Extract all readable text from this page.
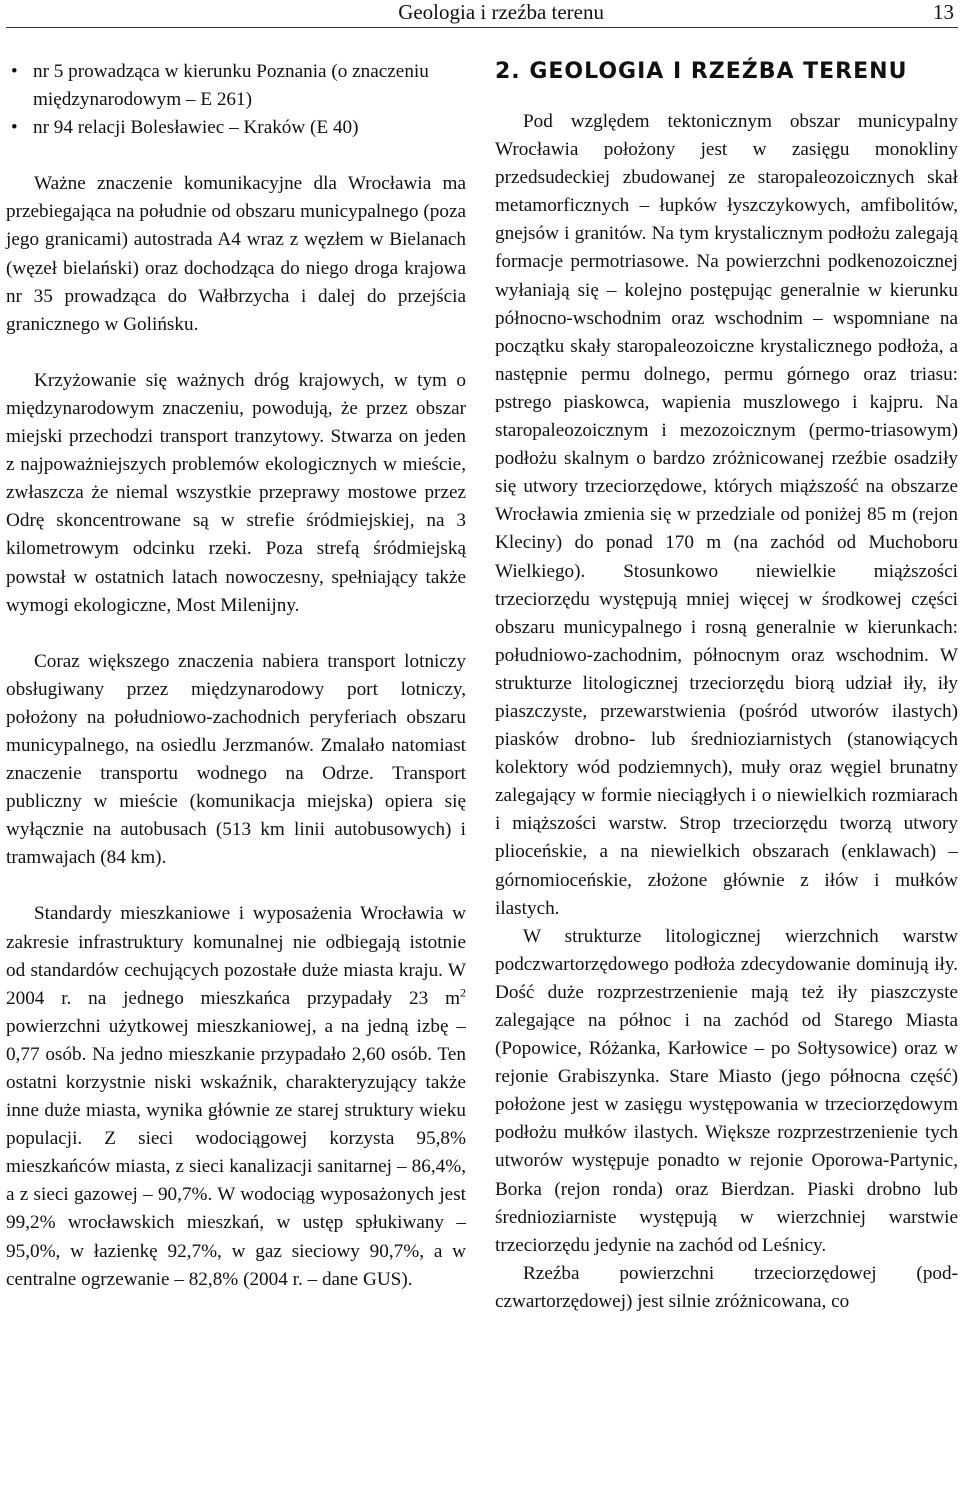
Geologia i rzeźba terenu	13
• nr 5 prowadząca w kierunku Poznania (o znaczeniu międzynarodowym – E 261)
• nr 94 relacji Bolesławiec – Kraków (E 40)

Ważne znaczenie komunikacyjne dla Wrocławia ma przebiegająca na południe od obszaru municypalnego (poza jego granicami) autostrada A4 wraz z węzłem w Bielanach (węzeł bielański) oraz dochodząca do niego droga krajowa nr 35 prowadząca do Wałbrzycha i dalej do przejścia granicznego w Golińsku.

Krzyżowanie się ważnych dróg krajowych, w tym o międzynarodowym znaczeniu, powodują, że przez obszar miejski przechodzi transport tranzytowy. Stwarza on jeden z najpoważniejszych problemów ekologicznych w mieście, zwłaszcza że niemal wszystkie przeprawy mostowe przez Odrę skoncentrowane są w strefie śródmiejskiej, na 3 kilometrowym odcinku rzeki. Poza strefą śródmiejską powstał w ostatnich latach nowoczesny, spełniający także wymogi ekologiczne, Most Milenijny.

Coraz większego znaczenia nabiera transport lotniczy obsługiwany przez międzynarodowy port lotniczy, położony na południowo-zachodnich peryferiach obszaru municypalnego, na osiedlu Jerzmanów. Zmalało natomiast znaczenie transportu wodnego na Odrze. Transport publiczny w mieście (komunikacja miejska) opiera się wyłącznie na autobusach (513 km linii autobusowych) i tramwajach (84 km).

Standardy mieszkaniowe i wyposażenia Wrocławia w zakresie infrastruktury komunalnej nie odbiegają istotnie od standardów cechujących pozostałe duże miasta kraju. W 2004 r. na jednego mieszkańca przypadały 23 $m^2$ powierzchni użytkowej mieszkaniowej, a na jedną izbę – 0,77 osób. Na jedno mieszkanie przypadało 2,60 osób. Ten ostatni korzystnie niski wskaźnik, charakteryzujący także inne duże miasta, wynika głównie ze starej struktury wieku populacji. Z sieci wodociągowej korzysta 95,8% mieszkańców miasta, z sieci kanalizacji sanitarnej – 86,4%, a z sieci gazowej – 90,7%. W wodociąg wyposażonych jest 99,2% wrocławskich mieszkań, w ustęp spłukiwany – 95,0%, w łazienkę 92,7%, w gaz sieciowy 90,7%, a w centralne ogrzewanie – 82,8% (2004 r. – dane GUS).

2. GEOLOGIA I RZEŹBA TERENU

Pod względem tektonicznym obszar municypalny Wrocławia położony jest w zasięgu monokliny przedsudeckiej zbudowanej ze staropaleozoicznych skał metamorficznych – łupków łyszczykowych, amfibolitów, gnejsów i granitów. Na tym krystalicznym podłożu zalegają formacje permotriasowe. Na powierzchni podkenozoicznej wyłaniają się – kolejno postępując generalnie w kierunku północno-wschodnim oraz wschodnim – wspomniane na początku skały staropaleozoiczne krystalicznego podłoża, a następnie permu dolnego, permu górnego oraz triasu: pstrego piaskowca, wapienia muszlowego i kajpru. Na staropaleozoicznym i mezozoicznym (permo-triasowym) podłożu skalnym o bardzo zróżnicowanej rzeźbie osadziły się utwory trzeciorzędowe, których miąższość na obszarze Wrocławia zmienia się w przedziale od poniżej 85 m (rejon Kleciny) do ponad 170 m (na zachód od Muchoboru Wielkiego). Stosunkowo niewielkie miąższości trzeciorzędu występują mniej więcej w środkowej części obszaru municypalnego i rosną generalnie w kierunkach: południowo-zachodnim, północnym oraz wschodnim. W strukturze litologicznej trzeciorzędu biorą udział iły, iły piaszczyste, przewarstwienia (pośród utworów ilastych) piasków drobno- lub średnioziarnistych (stanowiących kolektory wód podziemnych), muły oraz węgiel brunatny zalegający w formie nieciągłych i o niewielkich rozmiarach i miąższości warstw. Strop trzeciorzędu tworzą utwory plioceńskie, a na niewielkich obszarach (enklawach) – górnomioceńskie, złożone głównie z iłów i mułków ilastych.

W strukturze litologicznej wierzchnich warstw podczwartorzędowego podłoża zdecydowanie dominują iły. Dość duże rozprzestrzenienie mają też iły piaszczyste zalegające na północ i na zachód od Starego Miasta (Popowice, Różanka, Karłowice – po Sołtysowice) oraz w rejonie Grabiszynka. Stare Miasto (jego północna część) położone jest w zasięgu występowania w trzeciorzędowym podłożu mułków ilastych. Większe rozprzestrzenienie tych utworów występuje ponadto w rejonie Oporowa-Partynic, Borka (rejon ronda) oraz Bierdzan. Piaski drobno lub średnioziarniste występują w wierzchniej warstwie trzeciorzędu jedynie na zachód od Leśnicy.

Rzeźba powierzchni trzeciorzędowej (podczwartorzędowej) jest silnie zróżnicowana, co
